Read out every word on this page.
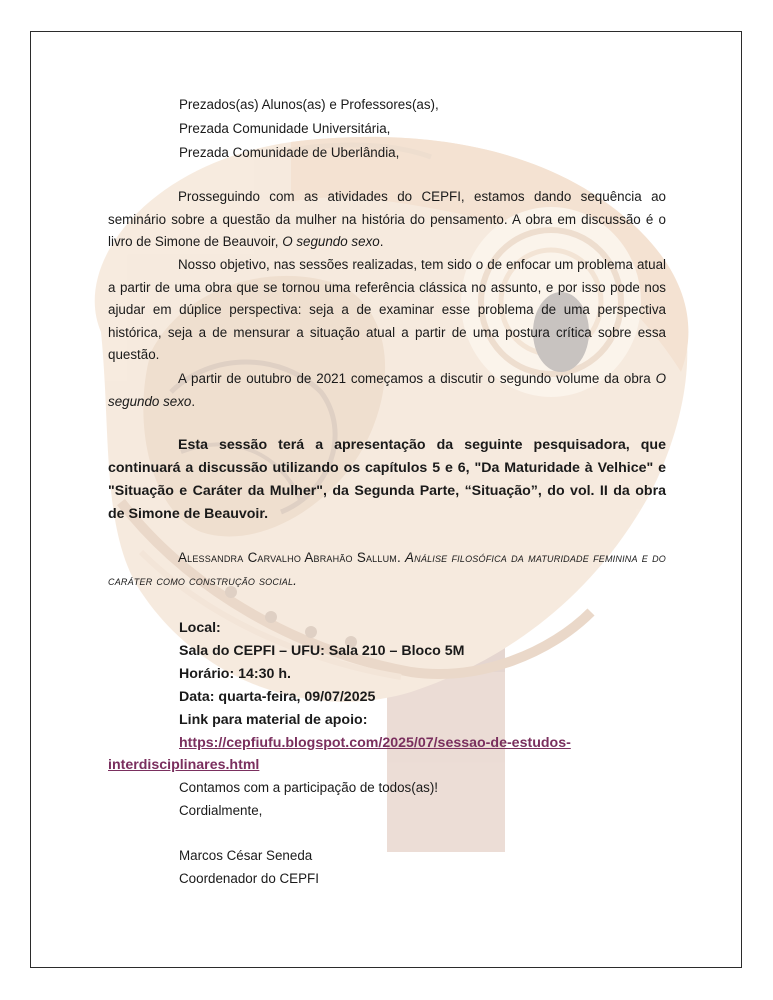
Prezados(as) Alunos(as) e Professores(as),
Prezada Comunidade Universitária,
Prezada Comunidade de Uberlândia,
Prosseguindo com as atividades do CEPFI, estamos dando sequência ao seminário sobre a questão da mulher na história do pensamento. A obra em discussão é o livro de Simone de Beauvoir, O segundo sexo.
Nosso objetivo, nas sessões realizadas, tem sido o de enfocar um problema atual a partir de uma obra que se tornou uma referência clássica no assunto, e por isso pode nos ajudar em dúplice perspectiva: seja a de examinar esse problema de uma perspectiva histórica, seja a de mensurar a situação atual a partir de uma postura crítica sobre essa questão.
A partir de outubro de 2021 começamos a discutir o segundo volume da obra O segundo sexo.
Esta sessão terá a apresentação da seguinte pesquisadora, que continuará a discussão utilizando os capítulos 5 e 6, "Da Maturidade à Velhice" e "Situação e Caráter da Mulher", da Segunda Parte, “Situação”, do vol. II da obra de Simone de Beauvoir.
Alessandra Carvalho Abrahão Sallum. Análise filosófica da maturidade feminina e do caráter como construção social.
Local:
Sala do CEPFI – UFU: Sala 210 – Bloco 5M
Horário: 14:30 h.
Data: quarta-feira, 09/07/2025
Link para material de apoio:
https://cepfiufu.blogspot.com/2025/07/sessao-de-estudos-
interdisciplinares.html
Contamos com a participação de todos(as)!
Cordialmente,
Marcos César Seneda
Coordenador do CEPFI
